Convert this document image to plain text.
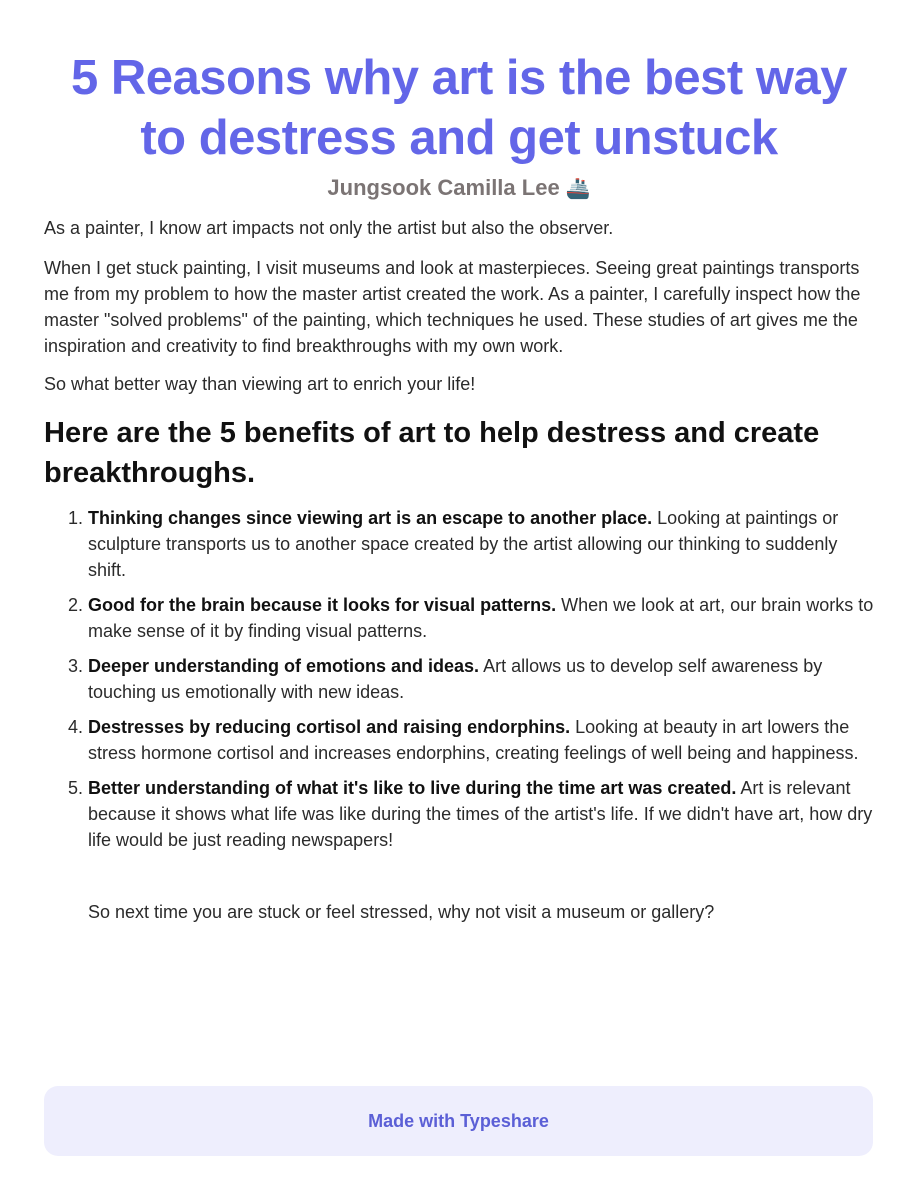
5 Reasons why art is the best way to destress and get unstuck
Jungsook Camilla Lee 🚢

As a painter, I know art impacts not only the artist but also the observer.

When I get stuck painting, I visit museums and look at masterpieces. Seeing great paintings transports me from my problem to how the master artist created the work. As a painter, I carefully inspect how the master "solved problems" of the painting, which techniques he used. These studies of art gives me the inspiration and creativity to find breakthroughs with my own work.

So what better way than viewing art to enrich your life!

Here are the 5 benefits of art to help destress and create breakthroughs.
1. Thinking changes since viewing art is an escape to another place. Looking at paintings or sculpture transports us to another space created by the artist allowing our thinking to suddenly shift.
2. Good for the brain because it looks for visual patterns. When we look at art, our brain works to make sense of it by finding visual patterns.
3. Deeper understanding of emotions and ideas. Art allows us to develop self awareness by touching us emotionally with new ideas.
4. Destresses by reducing cortisol and raising endorphins. Looking at beauty in art lowers the stress hormone cortisol and increases endorphins, creating feelings of well being and happiness.
5. Better understanding of what it's like to live during the time art was created. Art is relevant because it shows what life was like during the times of the artist's life. If we didn't have art, how dry life would be just reading newspapers!

So next time you are stuck or feel stressed, why not visit a museum or gallery?

Made with Typeshare
